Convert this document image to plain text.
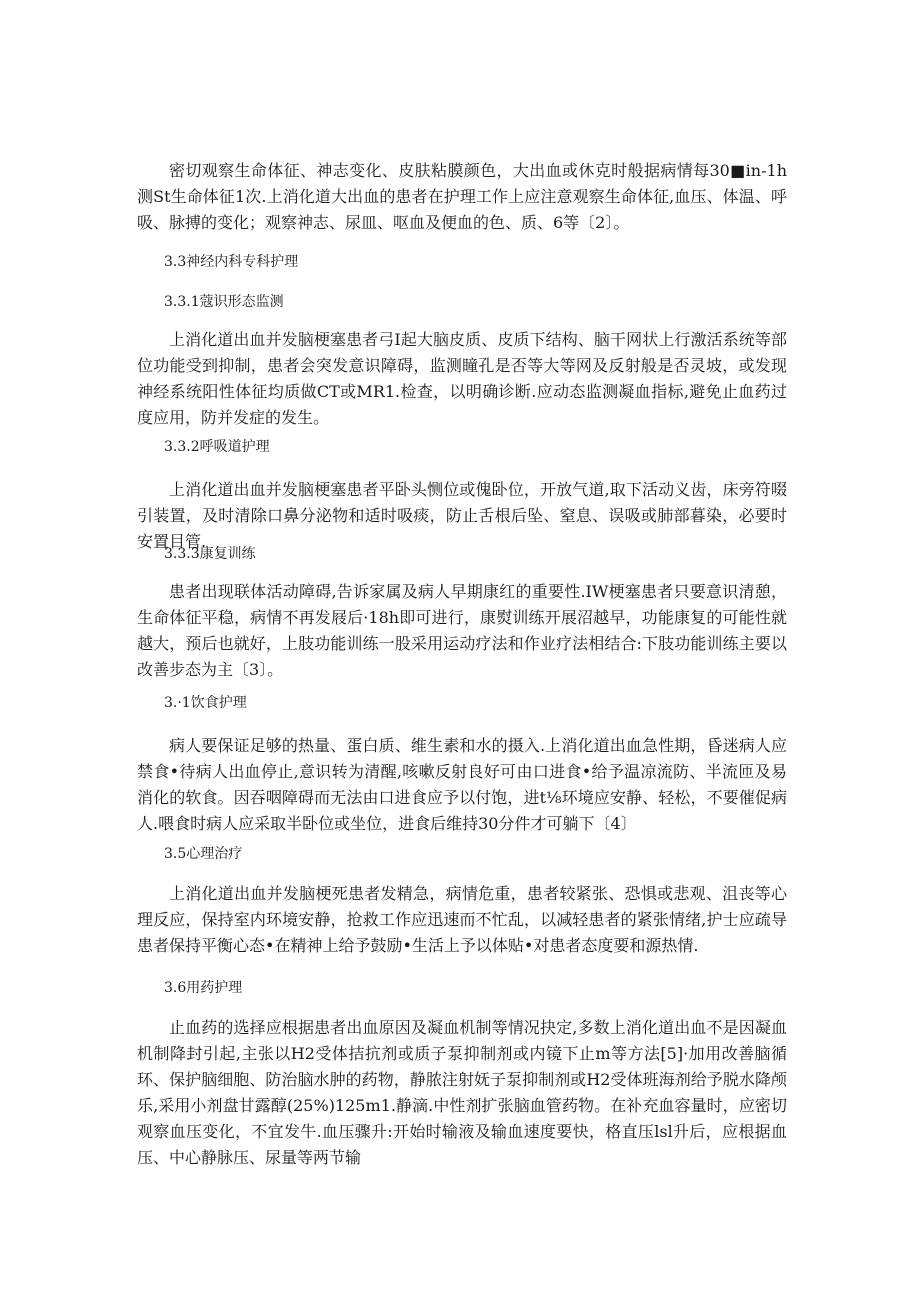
密切观察生命体征、神志变化、皮肤粘膜颜色，大出血或休克时般据病情每30■in-1h测St生命体征1次.上消化道大出血的患者在护理工作上应注意观察生命体征,血压、体温、呼吸、脉搏的变化；观察神志、尿皿、呕血及便血的色、质、6等〔2〕。

3.3神经内科专科护理

3.3.1蔻识形态监测

上消化道出血并发脑梗塞患者弓I起大脑皮质、皮质下结构、脑干网状上行激活系统等部位功能受到抑制，患者会突发意识障碍，监测瞳孔是否等大等网及反射般是否灵坡，或发现神经系统阳性体征均质做CT或MR1.检查，以明确诊断.应动态监测凝血指标,避免止血药过度应用，防并发症的发生。

3.3.2呼吸道护理

上消化道出血并发脑梗塞患者平卧头恻位或傀卧位，开放气道,取下活动义齿，床旁符啜引装置，及时清除口鼻分泌物和适时吸痰，防止舌根后坠、窒息、误吸或肺部暮染，必要时安置目管.

3.3.3康复训练

患者出现联体活动障碍,告诉家属及病人早期康红的重要性.IW梗塞患者只要意识清憩，生命体征平稳，病情不再发屐后·18h即可进行，康熨训练开展沼越早，功能康复的可能性就越大，预后也就好，上肢功能训练一股采用运动疗法和作业疗法相结合:下肢功能训练主要以改善步态为主〔3〕。

3.·1饮食护理

病人要保证足够的热量、蛋白质、维生素和水的摄入.上消化道出血急性期，昏迷病人应禁食•待病人出血停止,意识转为清醒,咳嗽反射良好可由口进食•给予温凉流防、半流匝及易消化的软食。因吞咽障碍而无法由口进食应予以付饱，进t⅛环境应安静、轻松，不要催促病人.喂食时病人应采取半卧位或坐位，进食后维持30分件才可躺下〔4〕

3.5心理治疗

上消化道出血并发脑梗死患者发精急，病情危重，患者较紧张、恐惧或悲观、沮丧等心理反应，保持室内环境安静，抢救工作应迅速而不忙乱，以减轻患者的紧张情绪,护士应疏导患者保持平衡心态•在精神上给予鼓励•生活上予以体贴•对患者态度要和源热情.

3.6用药护理

止血药的选择应根据患者出血原因及凝血机制等情况抉定,多数上消化道出血不是因凝血机制降封引起,主张以H2受体拮抗剂或质子泵抑制剂或内镜下止m等方法[5]·加用改善脑循环、保护脑细胞、防治脑水肿的药物，静脓注射妩子泵抑制剂或H2受体班海剂给予脱水降颅乐,采用小剂盘甘露醇(25%)125m1.静滴.中性剂扩张脑血管药物。在补充血容量时，应密切观察血压变化，不宜发牛.血压骤升:开始时输液及输血速度要快，格直压lsl升后，应根据血压、中心静脉压、尿量等两节输
